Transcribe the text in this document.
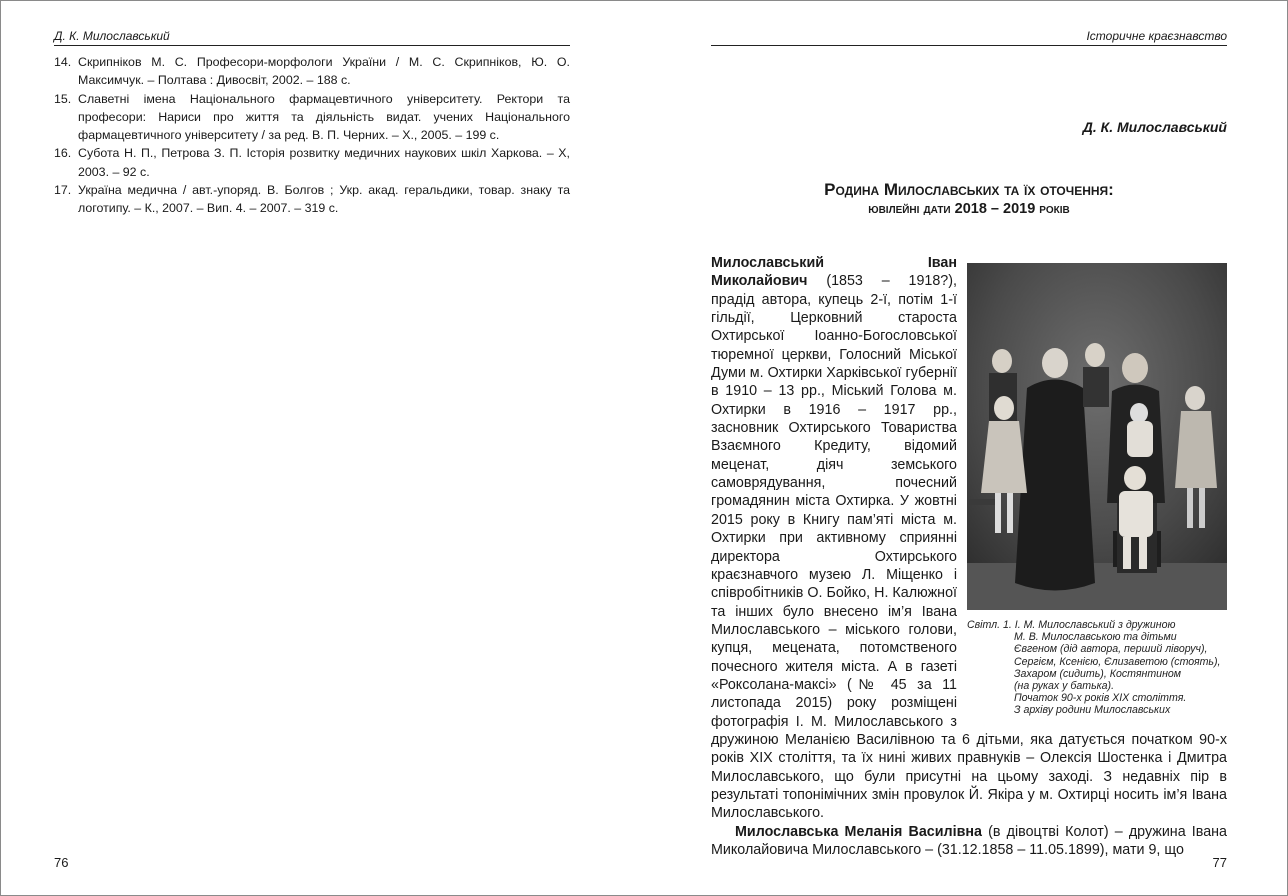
Д. К. Милославський
14. Скрипніков М. С. Професори-морфологи України / М. С. Скрипніков, Ю. О. Максимчук. – Полтава : Дивосвіт, 2002. – 188 с.
15. Славетні імена Національного фармацевтичного університету. Ректори та професори: Нариси про життя та діяльність видат. учених Національного фармацевтичного університету / за ред. В. П. Черних. – Х., 2005. – 199 с.
16. Субота Н. П., Петрова З. П. Історія розвитку медичних наукових шкіл Харкова. – Х, 2003. – 92 с.
17. Україна медична / авт.-упоряд. В. Болгов ; Укр. акад. геральдики, товар. знаку та логотипу. – К., 2007. – Вип. 4. – 2007. – 319 с.
76
Історичне краєзнавство
Д. К. Милославський
Родина Милославських та їх оточення:
ювілейні дати 2018 – 2019 років

Милославський Іван Миколайович (1853 – 1918?), прадід автора, купець 2-ї, потім 1-ї гільдії, Церковний староста Охтирської Іоанно-Богословської тюремної церкви, Голосний Міської Думи м. Охтирки Харківської губернії в 1910 – 13 рр., Міський Голова м. Охтирки в 1916 – 1917 рр., засновник Охтирського Товариства Взаємного Кредиту, відомий меценат, діяч земського самоврядування, почесний громадянин міста Охтирка. У жовтні 2015 року в Книгу пам’яті міста м. Охтирки при активному сприянні директора Охтирського краєзнавчого музею Л. Міщенко і співробітників О. Бойко, Н. Калюжної та інших було внесено ім’я Івана Милославського – міського голови, купця, мецената, потомственого почесного жителя міста. А в газеті «Роксолана-максі» (№ 45 за 11 листопада 2015) року розміщені фотографія І. М. Милославського з дружиною Меланією Василівною та 6 дітьми, яка датується початком 90-х років ХІХ століття, та їх нині живих правнуків – Олексія Шостенка і Дмитра Милославського, що були присутні на цьому заході. З недавніх пір в результаті топонімічних змін провулок Й. Якіра у м. Охтирці носить ім’я Івана Милославського.

Милославська Меланія Василівна (в дівоцтві Колот) – дружина Івана Миколайовича Милославського – (31.12.1858 – 11.05.1899), мати 9, що

Світл. 1. І. М. Милославський з дружиною
М. В. Милославською та дітьми
Євгеном (дід автора, перший ліворуч),
Сергієм, Ксенією, Єлизаветою (стоять),
Захаром (сидить), Костянтином
(на руках у батька).
Початок 90-х років ХІХ століття.
З архіву родини Милославських
77
